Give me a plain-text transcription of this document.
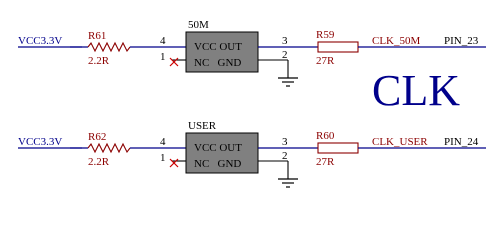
VCC3.3V R61
2.2R
4
1
50M
VCC OUT
NC   GND
3
2
R59
27R
CLK_50M PIN_23
CLK
VCC3.3V R62
2.2R
4
1
USER
VCC OUT
NC   GND
3
2
R60
27R
CLK_USER PIN_24
